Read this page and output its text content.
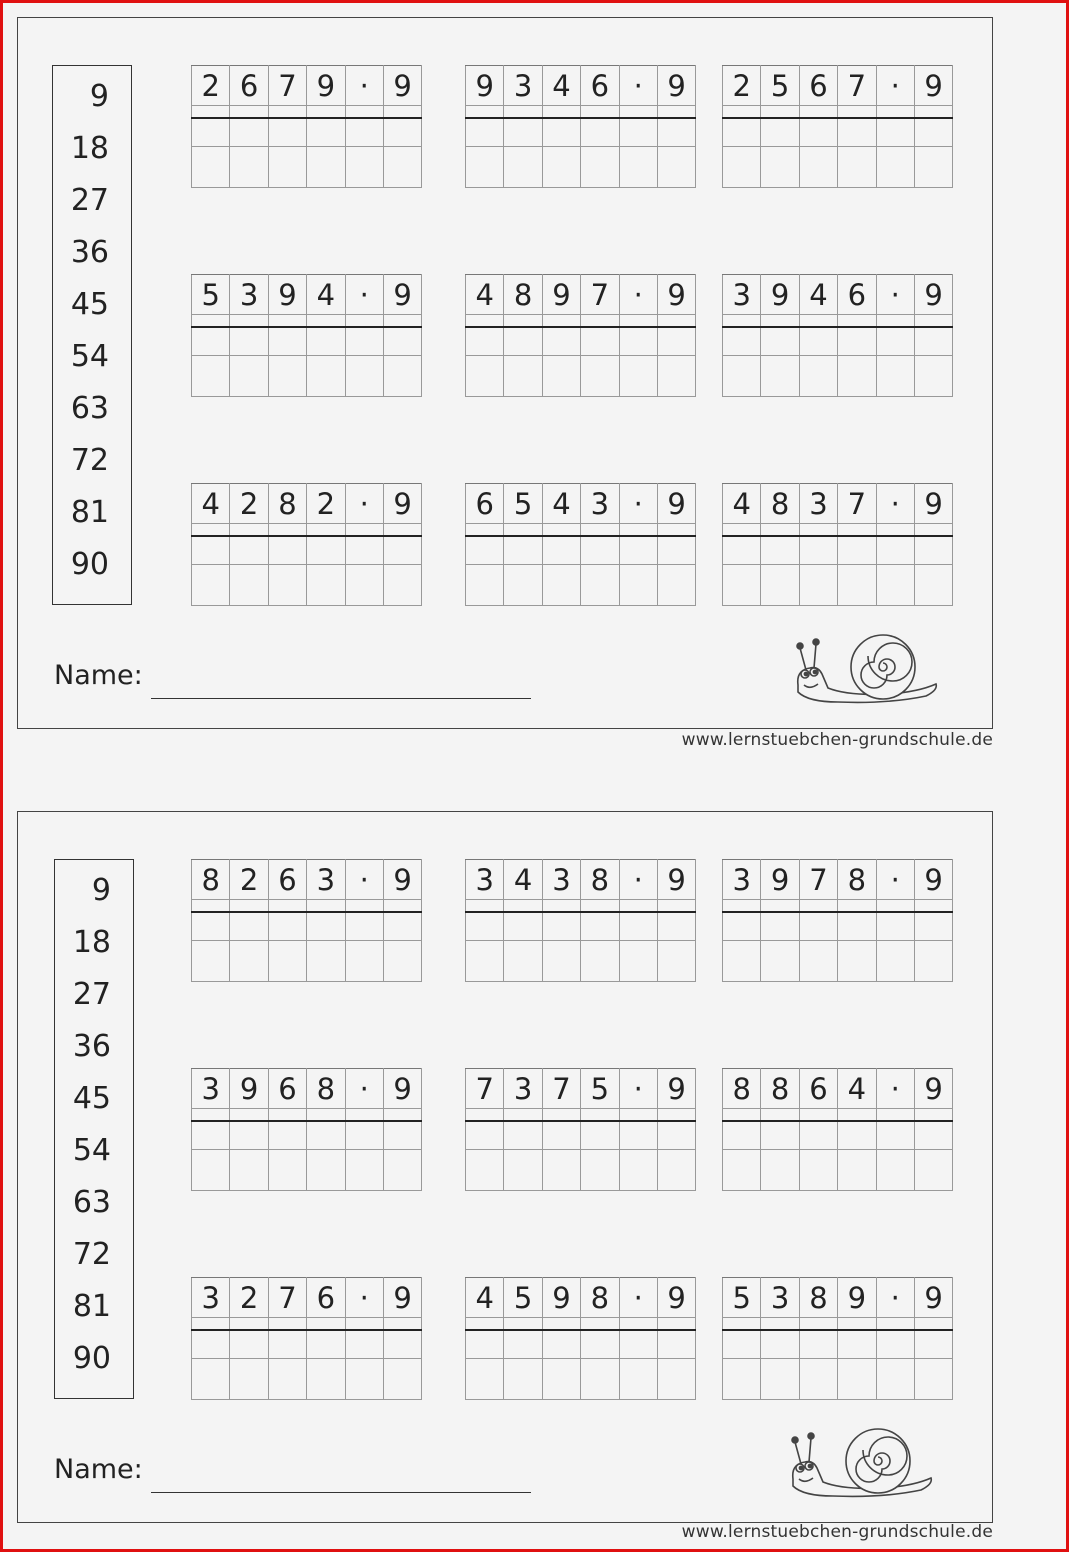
9
18
27
36
45
54
63
72
81
90
2	6	7	9	·	9

					9	3	4	6	·	9

					2	5	6	7	·	9

5	3	9	4	·	9

					4	8	9	7	·	9

					3	9	4	6	·	9

4	2	8	2	·	9

					6	5	4	3	·	9

					4	8	3	7	·	9

Name:
9
18
27
36
45
54
63
72
81
90
8	2	6	3	·	9

					3	4	3	8	·	9

					3	9	7	8	·	9

3	9	6	8	·	9

					7	3	7	5	·	9

					8	8	6	4	·	9

3	2	7	6	·	9

					4	5	9	8	·	9

					5	3	8	9	·	9

Name:
www.lernstuebchen-grundschule.de
www.lernstuebchen-grundschule.de
